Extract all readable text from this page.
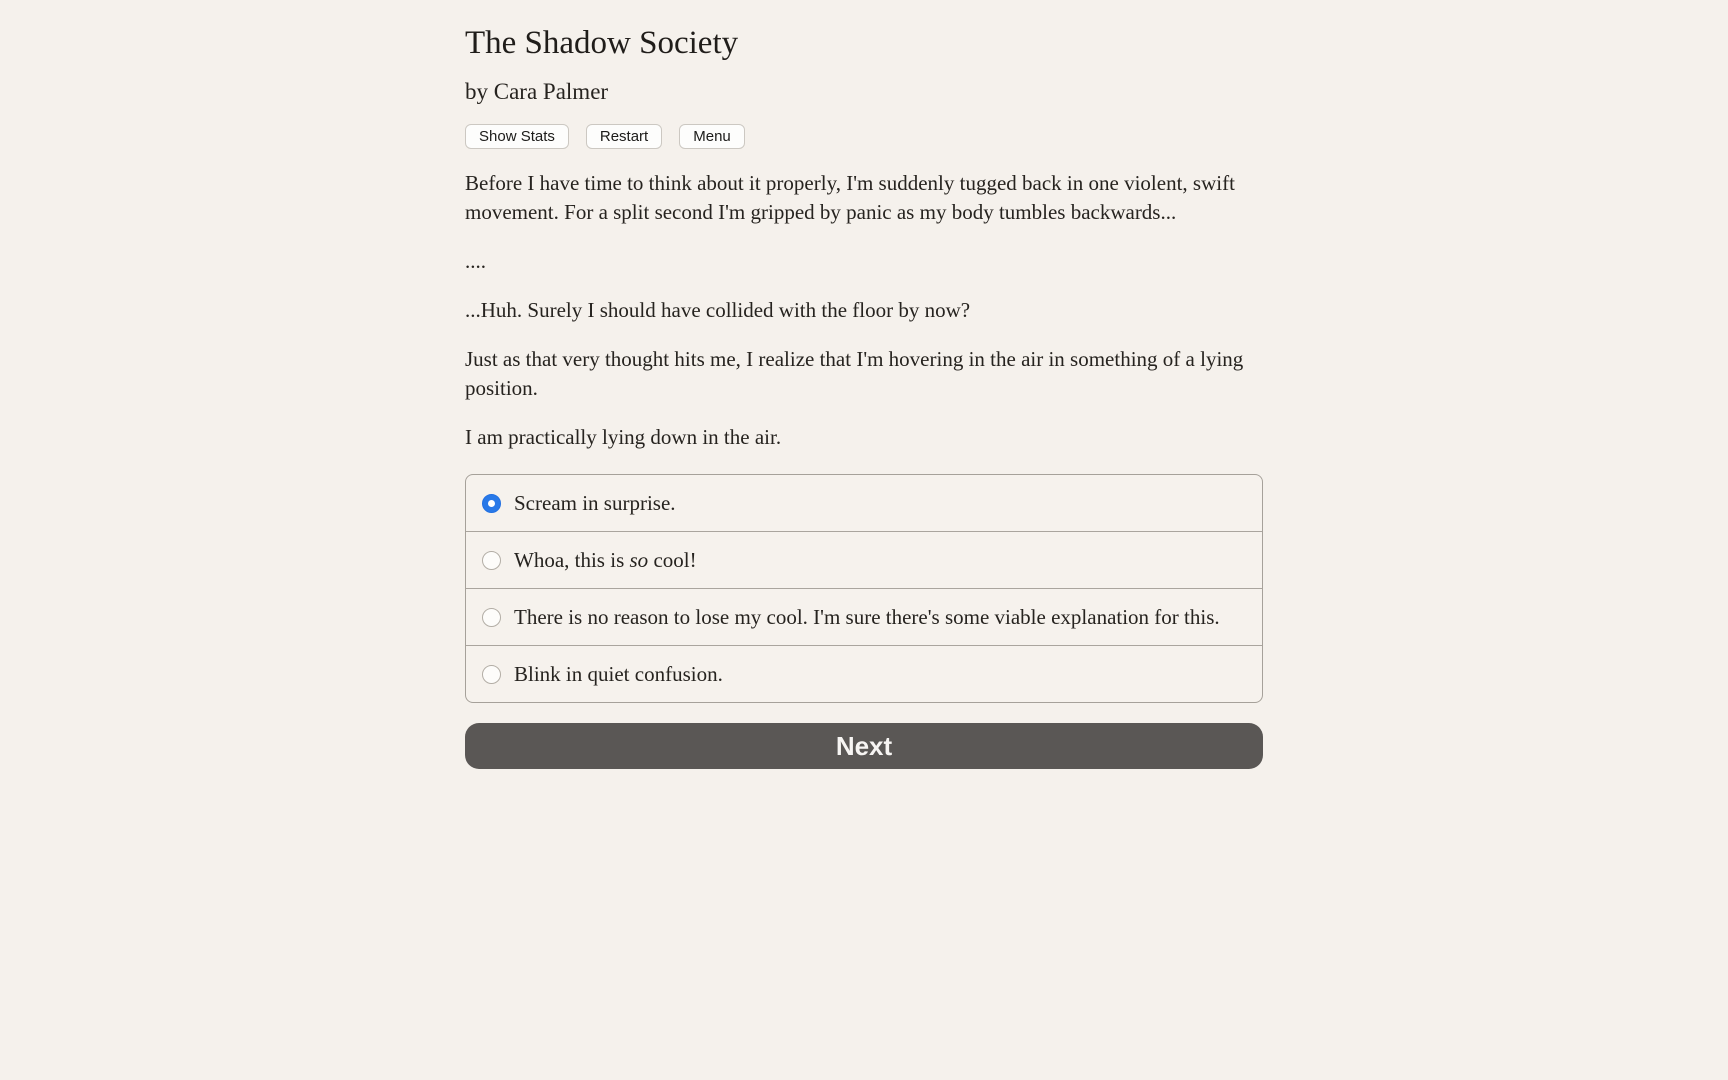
The Shadow Society
by Cara Palmer
Show Stats	Restart	Menu

Before I have time to think about it properly, I'm suddenly tugged back in one violent, swift movement. For a split second I'm gripped by panic as my body tumbles backwards...

....

...Huh. Surely I should have collided with the floor by now?

Just as that very thought hits me, I realize that I'm hovering in the air in something of a lying position.

I am practically lying down in the air.

Scream in surprise.
Whoa, this is so cool!
There is no reason to lose my cool. I'm sure there's some viable explanation for this.
Blink in quiet confusion.
Next
